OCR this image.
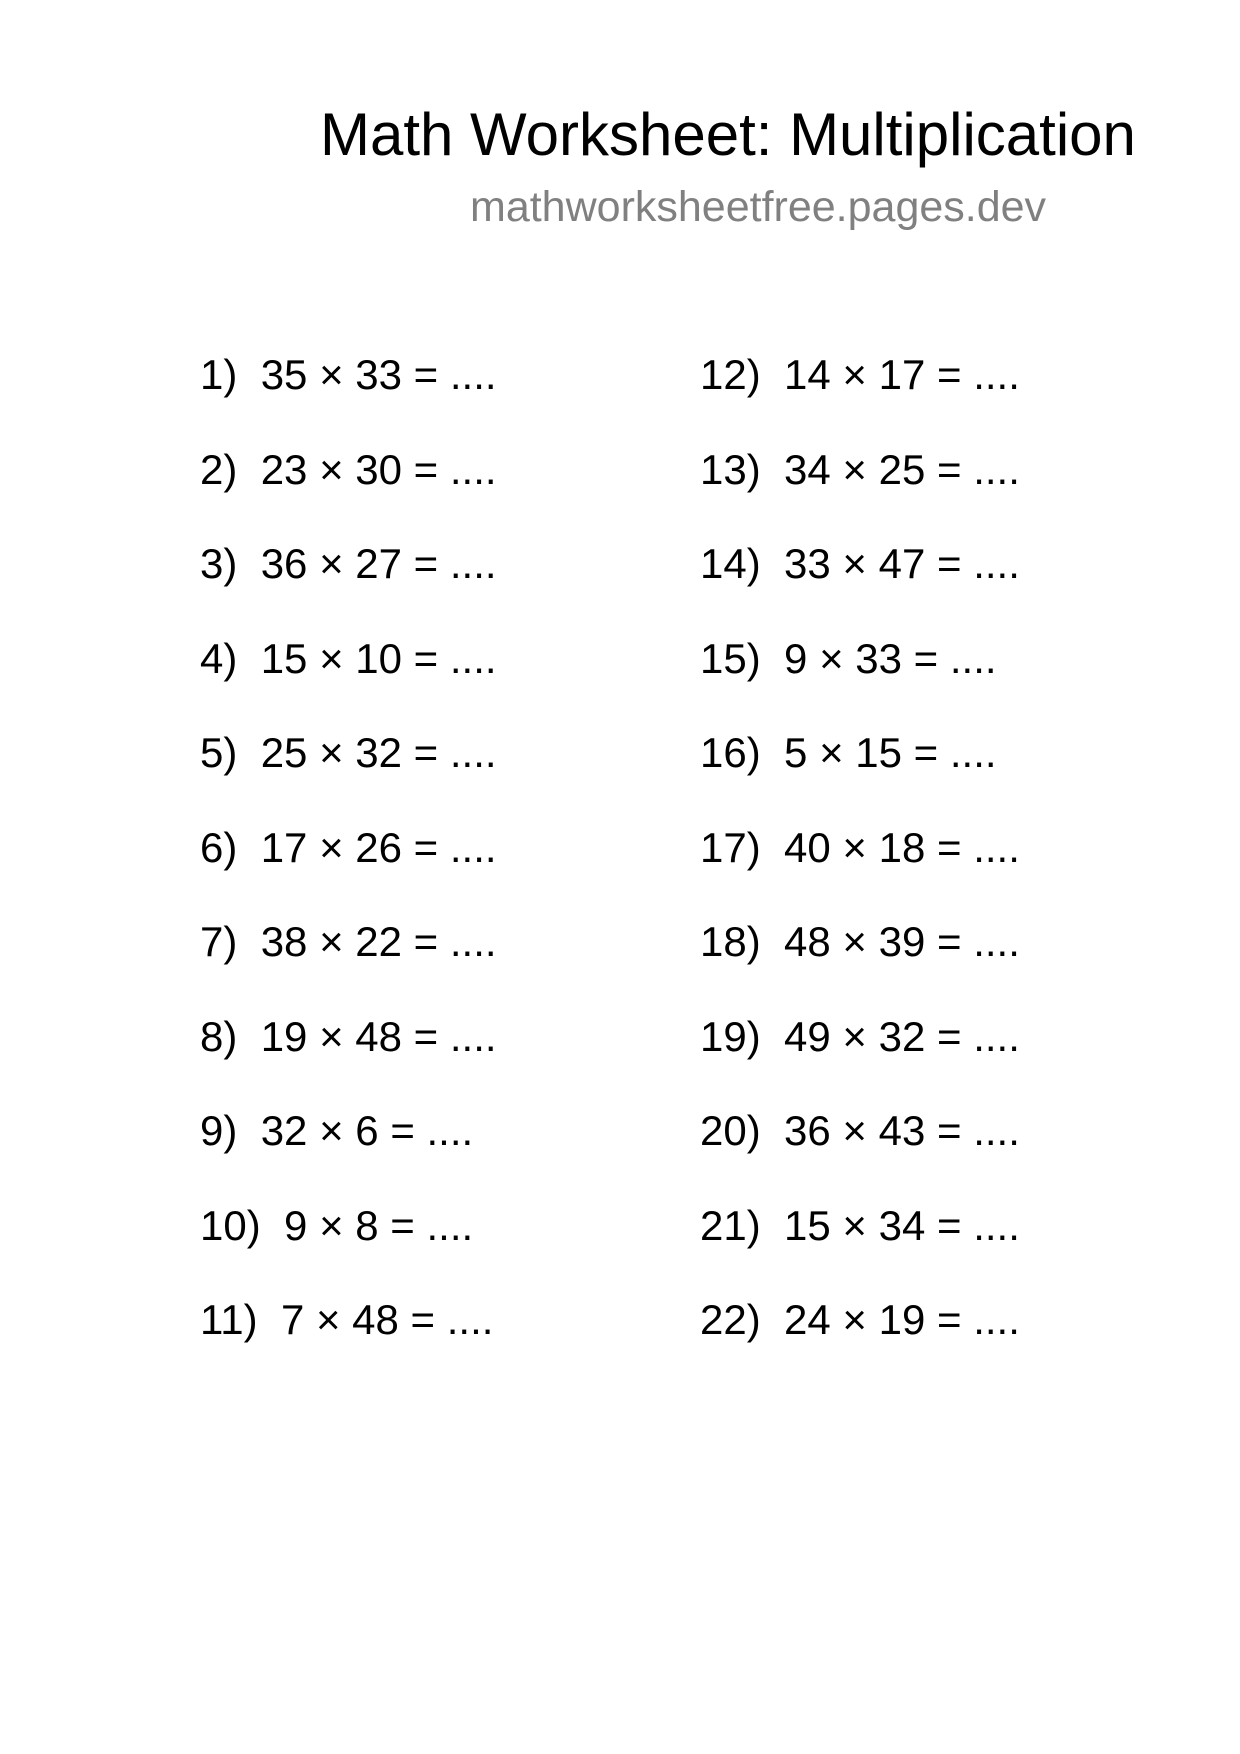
Math Worksheet: Multiplication
mathworksheetfree.pages.dev
1) 35 × 33 = ....
2) 23 × 30 = ....
3) 36 × 27 = ....
4) 15 × 10 = ....
5) 25 × 32 = ....
6) 17 × 26 = ....
7) 38 × 22 = ....
8) 19 × 48 = ....
9) 32 × 6 = ....
10) 9 × 8 = ....
11) 7 × 48 = ....
12) 14 × 17 = ....
13) 34 × 25 = ....
14) 33 × 47 = ....
15) 9 × 33 = ....
16) 5 × 15 = ....
17) 40 × 18 = ....
18) 48 × 39 = ....
19) 49 × 32 = ....
20) 36 × 43 = ....
21) 15 × 34 = ....
22) 24 × 19 = ....
